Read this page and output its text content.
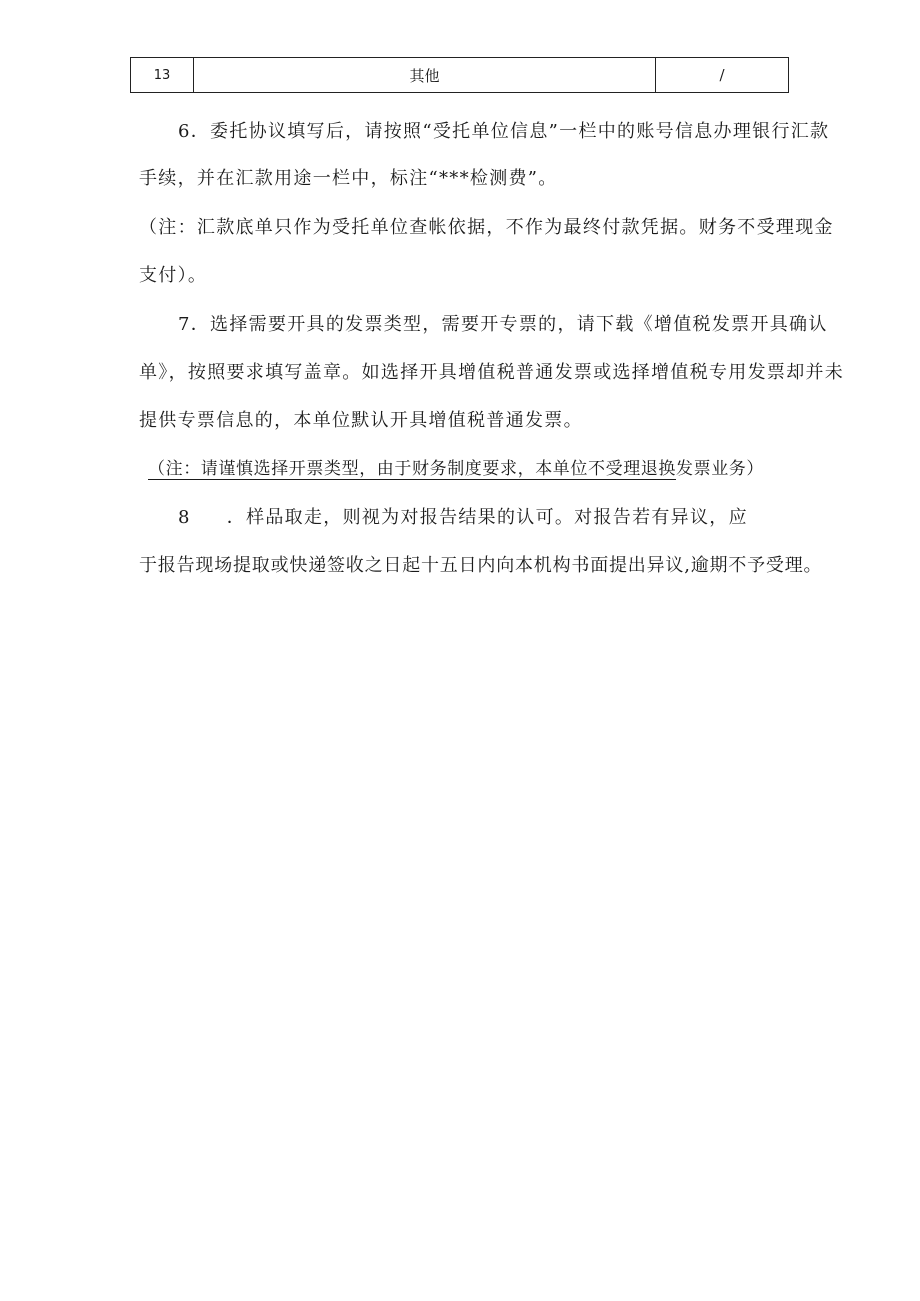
13	其他	/
6．委托协议填写后，请按照“受托单位信息”一栏中的账号信息办理银行汇款
手续，并在汇款用途一栏中，标注“***检测费”。
（注：汇款底单只作为受托单位查帐依据，不作为最终付款凭据。财务不受理现金
支付）。
7．选择需要开具的发票类型，需要开专票的，请下载《增值税发票开具确认
单》，按照要求填写盖章。如选择开具增值税普通发票或选择增值税专用发票却并未
提供专票信息的，本单位默认开具增值税普通发票。
（注：请谨慎选择开票类型，由于财务制度要求，本单位不受理退换发票业务）
8 ．样品取走，则视为对报告结果的认可。对报告若有异议，应
于报告现场提取或快递签收之日起十五日内向本机构书面提出异议,逾期不予受理。
